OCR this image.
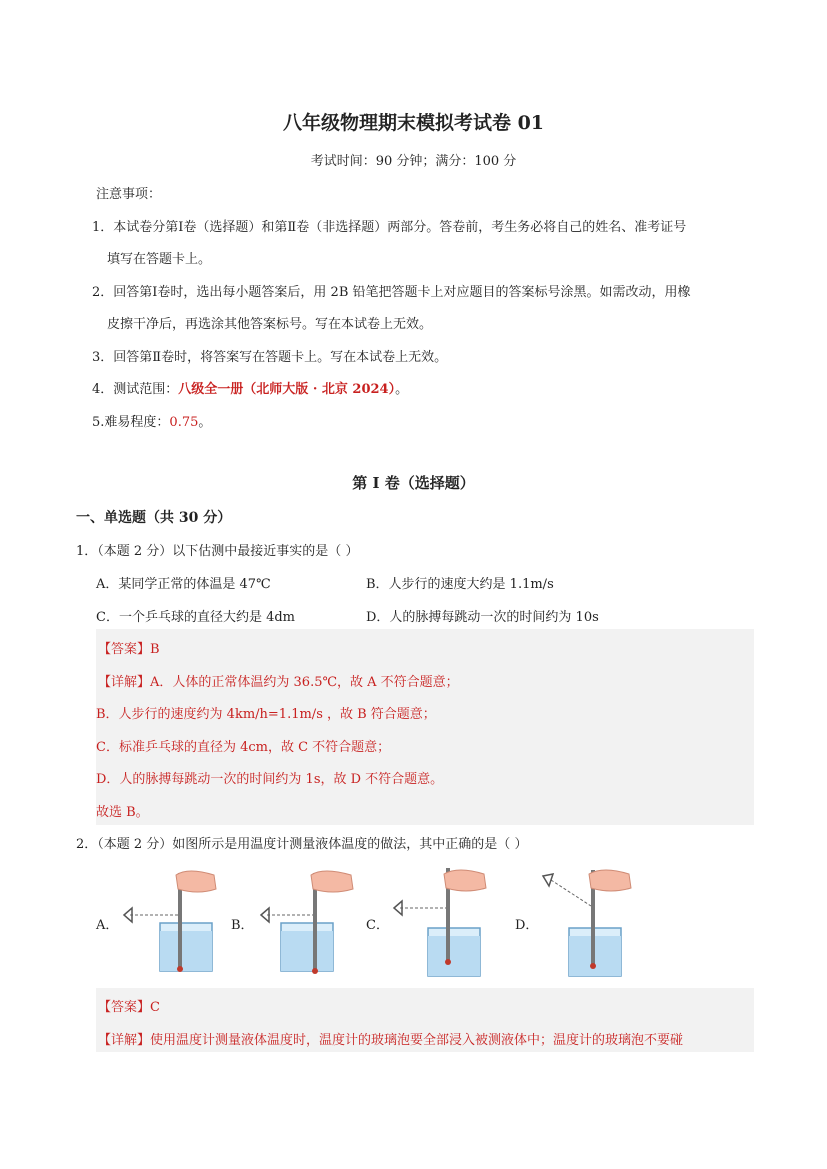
八年级物理期末模拟考试卷 01
考试时间：90 分钟；满分：100 分
注意事项：
1．本试卷分第Ⅰ卷（选择题）和第Ⅱ卷（非选择题）两部分。答卷前，考生务必将自己的姓名、准考证号
填写在答题卡上。
2．回答第Ⅰ卷时，选出每小题答案后，用 2B 铅笔把答题卡上对应题目的答案标号涂黑。如需改动，用橡
皮擦干净后，再选涂其他答案标号。写在本试卷上无效。
3．回答第Ⅱ卷时，将答案写在答题卡上。写在本试卷上无效。
4．测试范围：八级全一册（北师大版 · 北京 2024）。
5.难易程度：0.75。
第 I 卷（选择题）
一、单选题（共 30 分）
1．（本题 2 分）以下估测中最接近事实的是（ ）
A．某同学正常的体温是 47℃	B．人步行的速度大约是 1.1m/s
C．一个乒乓球的直径大约是 4dm	D．人的脉搏每跳动一次的时间约为 10s
【答案】B
【详解】A．人体的正常体温约为 36.5℃，故 A 不符合题意；
B．人步行的速度约为 4km/h=1.1m/s ，故 B 符合题意；
C．标准乒乓球的直径为 4cm，故 C 不符合题意；
D．人的脉搏每跳动一次的时间约为 1s，故 D 不符合题意。
故选 B。
2．（本题 2 分）如图所示是用温度计测量液体温度的做法，其中正确的是（ ）
A．	B．	C．	D．
【答案】C
【详解】使用温度计测量液体温度时，温度计的玻璃泡要全部浸入被测液体中；温度计的玻璃泡不要碰
